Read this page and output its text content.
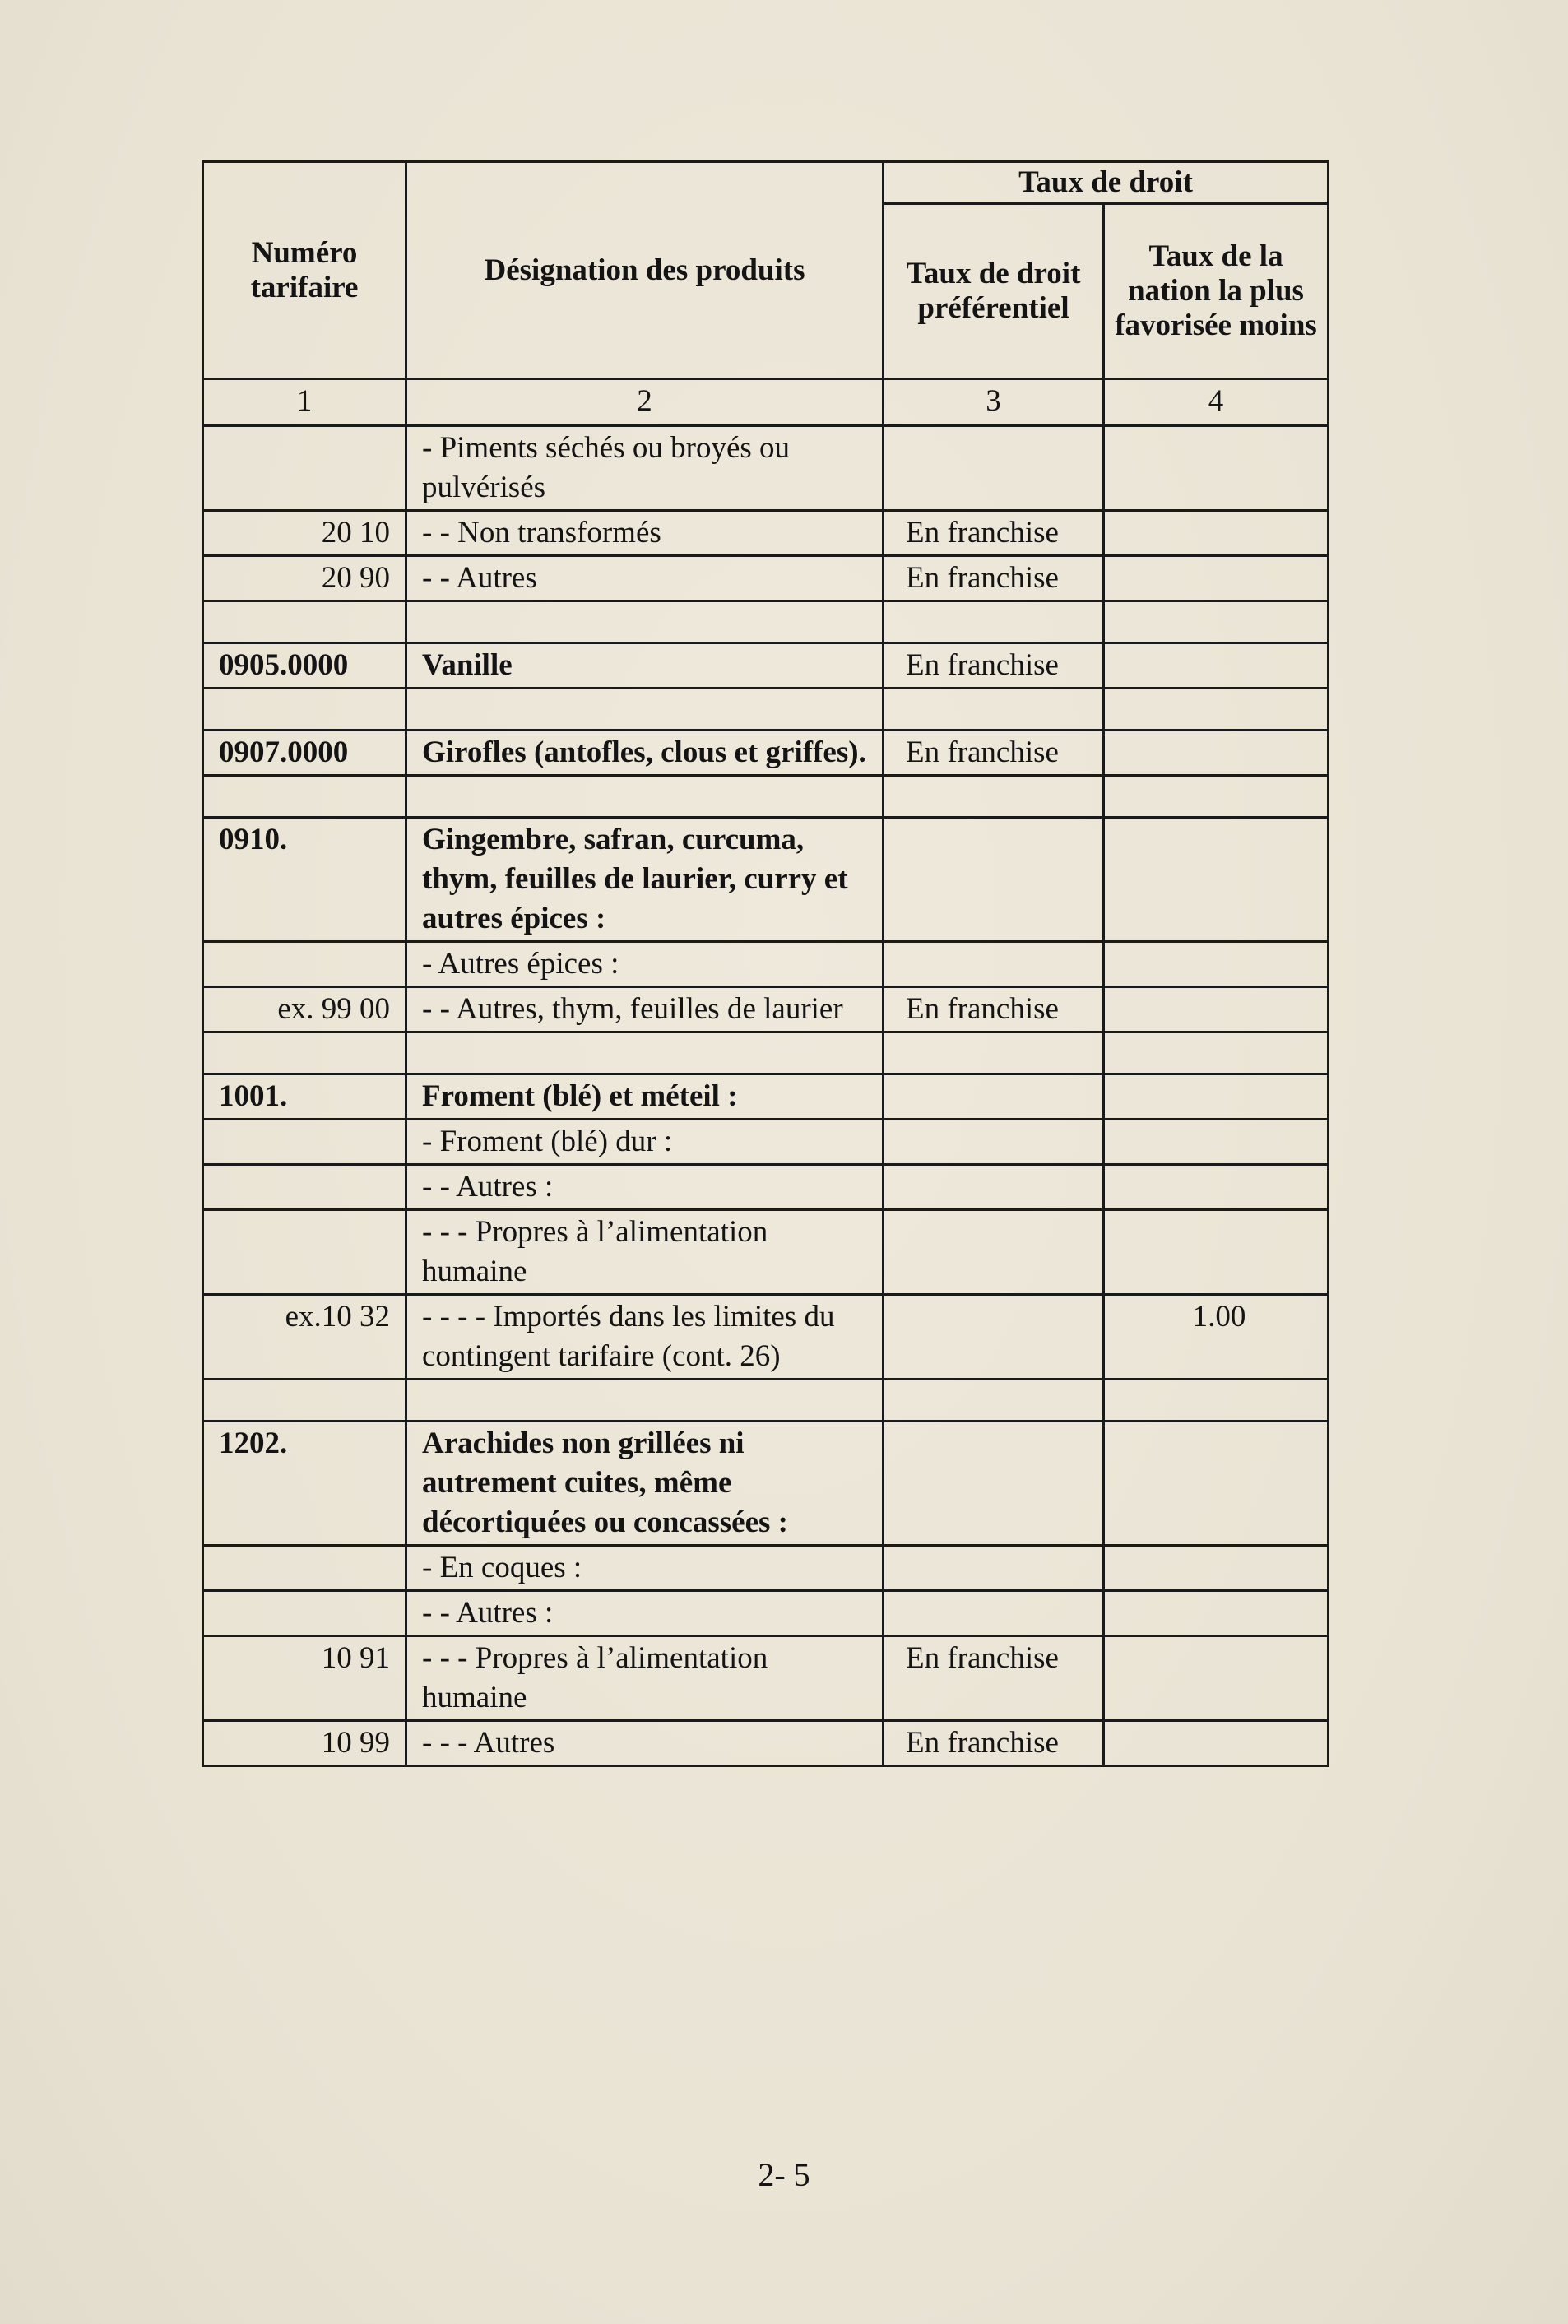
Numéro tarifaire	Désignation des produits	Taux de droit	
		Taux de droit préférentiel	Taux de la nation la plus favorisée moins
1	2	3	4
	- Piments séchés ou broyés ou pulvérisés		
20 10	- - Non transformés	En franchise	
20 90	- - Autres	En franchise	

0905.0000	Vanille	En franchise	

0907.0000	Girofles (antofles, clous et griffes).	En franchise	

0910.	Gingembre, safran, curcuma, thym, feuilles de laurier, curry et autres épices :		
	- Autres épices :		
ex. 99 00	- - Autres, thym, feuilles de laurier	En franchise	

1001.	Froment (blé) et méteil :		
	- Froment (blé) dur :		
	- - Autres :		
	- - - Propres à l’alimentation humaine		
ex.10 32	- - - - Importés dans les limites du contingent tarifaire (cont. 26)		1.00

1202.	Arachides non grillées ni autrement cuites, même décortiquées ou concassées :		
	- En coques :		
	- - Autres :		
10 91	- - - Propres à l’alimentation humaine	En franchise	
10 99	- - - Autres	En franchise	
2- 5
